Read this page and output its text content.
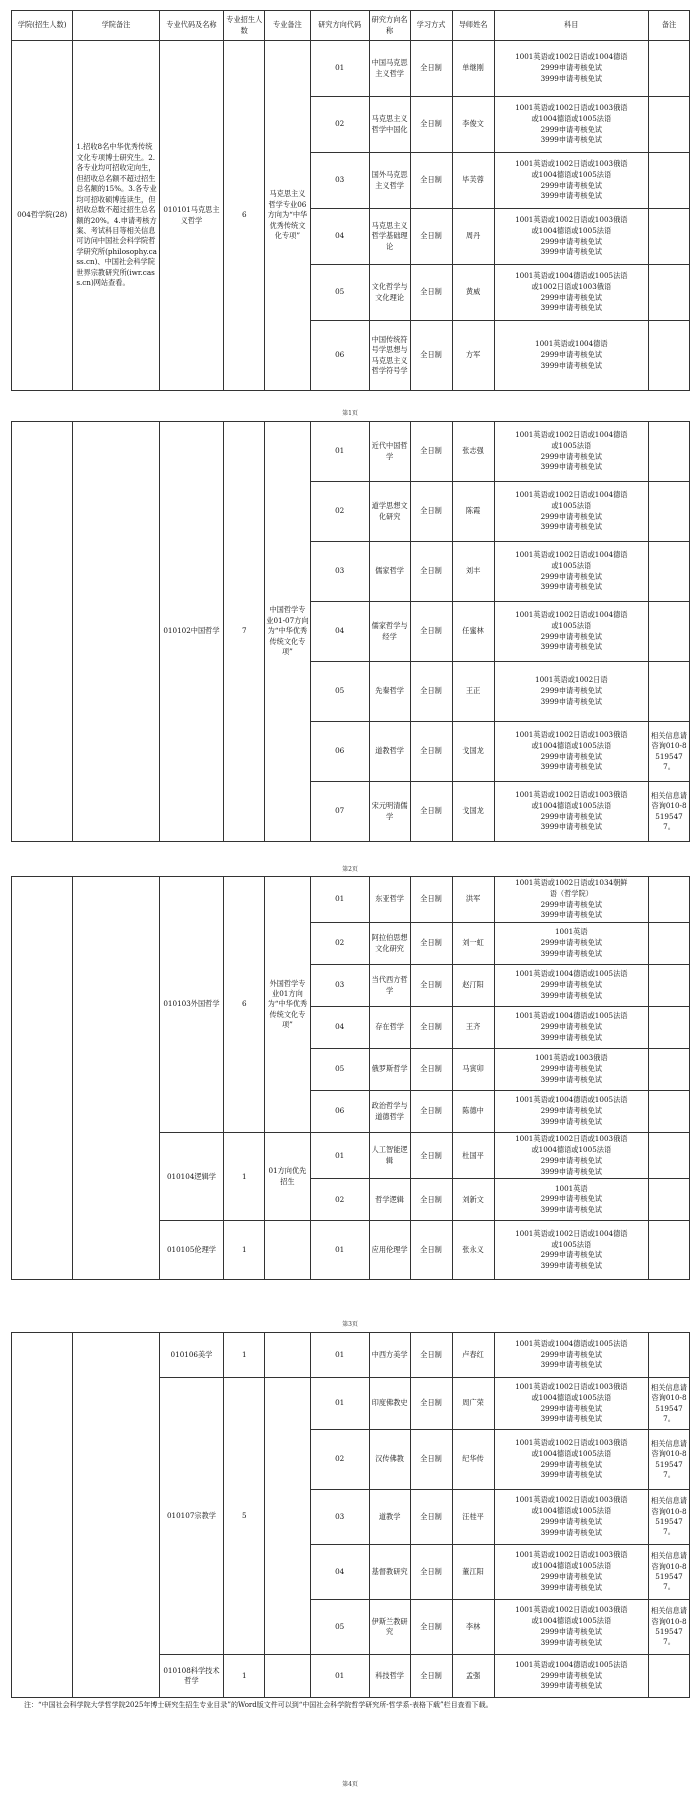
学院(招生人数)	学院备注	专业代码及名称	专业招生人数	专业备注	研究方向代码	研究方向名称	学习方式	导师姓名	科目	备注
004哲学院(28)	1.招收8名中华优秀传统文化专项博士研究生。2.各专业均可招收定向生，但招收总名额不超过招生总名额的15%。3.各专业均可招收硕博连读生，但招收总数不超过招生总名额的20%。4.申请考核方案、考试科目等相关信息可访问中国社会科学院哲学研究所(philosophy.cass.cn)、中国社会科学院世界宗教研究所(iwr.cass.cn)网站查看。	010101马克思主义哲学	6	马克思主义哲学专业06方向为“中华优秀传统文化专项”	01	中国马克思主义哲学	全日制	单继刚	1001英语或1002日语或1004德语
2999申请考核免试
3999申请考核免试	

					02	马克思主义哲学中国化	全日制	李俊文	1001英语或1002日语或1003俄语
或1004德语或1005法语
2999申请考核免试
3999申请考核免试	

					03	国外马克思主义哲学	全日制	毕芙蓉	1001英语或1002日语或1003俄语
或1004德语或1005法语
2999申请考核免试
3999申请考核免试	

					04	马克思主义哲学基础理论	全日制	周丹	1001英语或1002日语或1003俄语
或1004德语或1005法语
2999申请考核免试
3999申请考核免试	

					05	文化哲学与文化理论	全日制	黄威	1001英语或1004德语或1005法语
或1002日语或1003俄语
2999申请考核免试
3999申请考核免试	

					06	中国传统符号学思想与马克思主义哲学符号学	全日制	方军	1001英语或1004德语
2999申请考核免试
3999申请考核免试	

第1页
		010102中国哲学	7	中国哲学专业01-07方向为“中华优秀传统文化专项”	01	近代中国哲学	全日制	张志强	1001英语或1002日语或1004德语
或1005法语
2999申请考核免试
3999申请考核免试	

					02	道学思想文化研究	全日制	陈霞	1001英语或1002日语或1004德语
或1005法语
2999申请考核免试
3999申请考核免试	

					03	儒家哲学	全日制	刘丰	1001英语或1002日语或1004德语
或1005法语
2999申请考核免试
3999申请考核免试	

					04	儒家哲学与经学	全日制	任蜜林	1001英语或1002日语或1004德语
或1005法语
2999申请考核免试
3999申请考核免试	

					05	先秦哲学	全日制	王正	1001英语或1002日语
2999申请考核免试
3999申请考核免试	

					06	道教哲学	全日制	戈国龙	1001英语或1002日语或1003俄语
或1004德语或1005法语
2999申请考核免试
3999申请考核免试	相关信息请咨询010-85195477。
					07	宋元明清儒学	全日制	戈国龙	1001英语或1002日语或1003俄语
或1004德语或1005法语
2999申请考核免试
3999申请考核免试	相关信息请咨询010-85195477。
第2页
		010103外国哲学	6	外国哲学专业01方向为“中华优秀传统文化专项”	01	东亚哲学	全日制	洪军	1001英语或1002日语或1034朝鲜
语（哲学院）
2999申请考核免试
3999申请考核免试	

					02	阿拉伯思想文化研究	全日制	刘一虹	1001英语
2999申请考核免试
3999申请考核免试	

					03	当代西方哲学	全日制	赵汀阳	1001英语或1004德语或1005法语
2999申请考核免试
3999申请考核免试	

					04	存在哲学	全日制	王齐	1001英语或1004德语或1005法语
2999申请考核免试
3999申请考核免试	

					05	俄罗斯哲学	全日制	马寅卯	1001英语或1003俄语
2999申请考核免试
3999申请考核免试	

					06	政治哲学与道德哲学	全日制	陈德中	1001英语或1004德语或1005法语
2999申请考核免试
3999申请考核免试	

		010104逻辑学	1	01方向优先招生	01	人工智能逻辑	全日制	杜国平	1001英语或1002日语或1003俄语
或1004德语或1005法语
2999申请考核免试
3999申请考核免试	

					02	哲学逻辑	全日制	刘新文	1001英语
2999申请考核免试
3999申请考核免试	

		010105伦理学	1		01	应用伦理学	全日制	张永义	1001英语或1002日语或1004德语
或1005法语
2999申请考核免试
3999申请考核免试	

第3页
		010106美学	1		01	中西方美学	全日制	卢春红	1001英语或1004德语或1005法语
2999申请考核免试
3999申请考核免试	

		010107宗教学	5		01	印度佛教史	全日制	周广荣	1001英语或1002日语或1003俄语
或1004德语或1005法语
2999申请考核免试
3999申请考核免试	相关信息请咨询010-85195477。
					02	汉传佛教	全日制	纪华传	1001英语或1002日语或1003俄语
或1004德语或1005法语
2999申请考核免试
3999申请考核免试	相关信息请咨询010-85195477。
					03	道教学	全日制	汪桂平	1001英语或1002日语或1003俄语
或1004德语或1005法语
2999申请考核免试
3999申请考核免试	相关信息请咨询010-85195477。
					04	基督教研究	全日制	董江阳	1001英语或1002日语或1003俄语
或1004德语或1005法语
2999申请考核免试
3999申请考核免试	相关信息请咨询010-85195477。
					05	伊斯兰教研究	全日制	李林	1001英语或1002日语或1003俄语
或1004德语或1005法语
2999申请考核免试
3999申请考核免试	相关信息请咨询010-85195477。
		010108科学技术哲学	1		01	科技哲学	全日制	孟强	1001英语或1004德语或1005法语
2999申请考核免试
3999申请考核免试	

第4页
注：“中国社会科学院大学哲学院2025年博士研究生招生专业目录”的Word版文件可以到“中国社会科学院哲学研究所-哲学系-表格下载”栏目查看下载。
